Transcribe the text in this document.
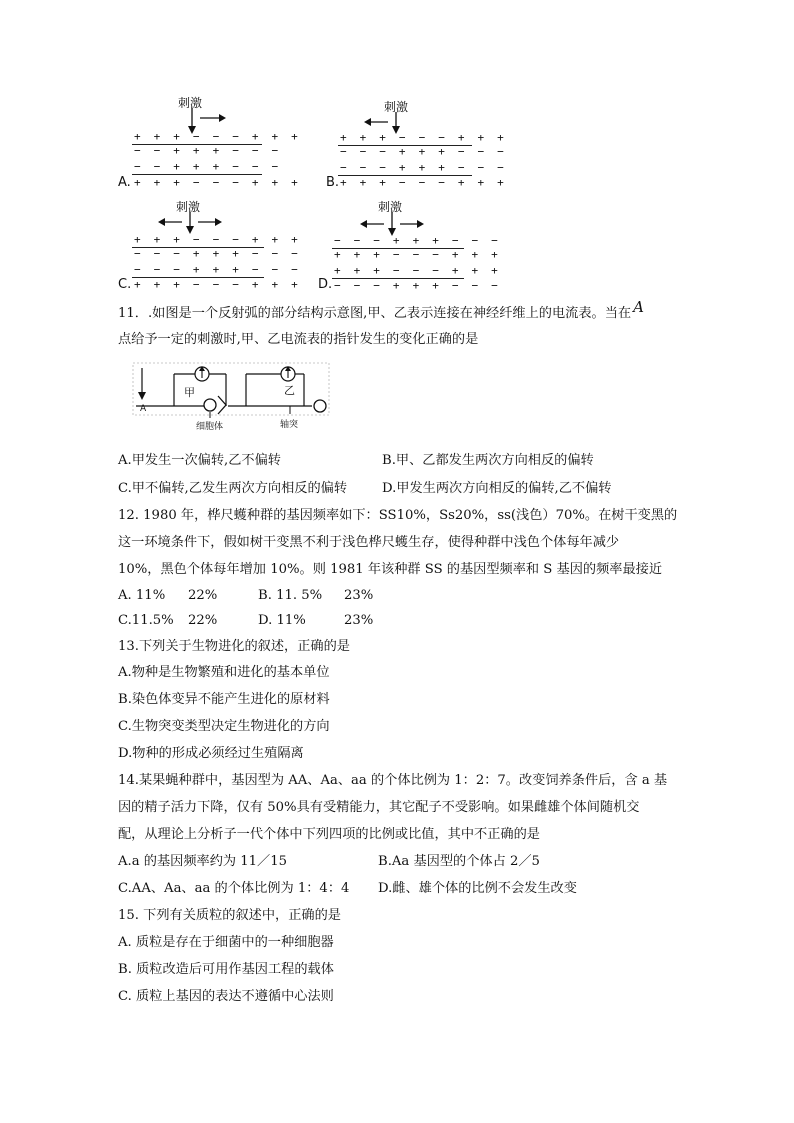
刺激
+ + + − − − + + +
− − + + + − − −
− − + + + − − −
A. + + + − − − + + +
刺激
+ + + − − − + + +
− − − + + + − − −
− − − + + + − − −
B. + + + − − − + + +
刺激
+ + + − − − + + +
− − − + + + − − −
− − − + + + − − −
C. + + + − − − + + +
刺激
− − − + + + − − −
+ + + − − − + + +
+ + + − − − + + +
D. − − − + + + − − −
11．.如图是一个反射弧的部分结构示意图,甲、乙表示连接在神经纤维上的电流表。当在 A
点给予一定的刺激时,甲、乙电流表的指针发生的变化正确的是
A
甲	乙
细胞体	轴突
A.甲发生一次偏转,乙不偏转	B.甲、乙都发生两次方向相反的偏转
C.甲不偏转,乙发生两次方向相反的偏转	D.甲发生两次方向相反的偏转,乙不偏转
12. 1980 年，桦尺蠖种群的基因频率如下：SS10%，Ss20%，ss(浅色）70%。在树干变黑的
这一环境条件下，假如树干变黑不利于浅色桦尺蠖生存，使得种群中浅色个体每年减少
10%，黑色个体每年增加 10%。则 1981 年该种群 SS 的基因型频率和 S 基因的频率最接近
A. 11% 22%	B. 11. 5% 23%
C.11.5% 22%	D. 11%	23%
13.下列关于生物进化的叙述，正确的是
A.物种是生物繁殖和进化的基本单位
B.染色体变异不能产生进化的原材料
C.生物突变类型决定生物进化的方向
D.物种的形成必须经过生殖隔离
14.某果蝇种群中，基因型为 AA、Aa、aa 的个体比例为 1：2：7。改变饲养条件后，含 a 基
因的精子活力下降，仅有 50%具有受精能力，其它配子不受影响。如果雌雄个体间随机交
配，从理论上分析子一代个体中下列四项的比例或比值，其中不正确的是
A.a 的基因频率约为 11／15	B.Aa 基因型的个体占 2／5
C.AA、Aa、aa 的个体比例为 1：4：4 D.雌、雄个体的比例不会发生改变
15. 下列有关质粒的叙述中，正确的是
A. 质粒是存在于细菌中的一种细胞器
B. 质粒改造后可用作基因工程的载体
C. 质粒上基因的表达不遵循中心法则
